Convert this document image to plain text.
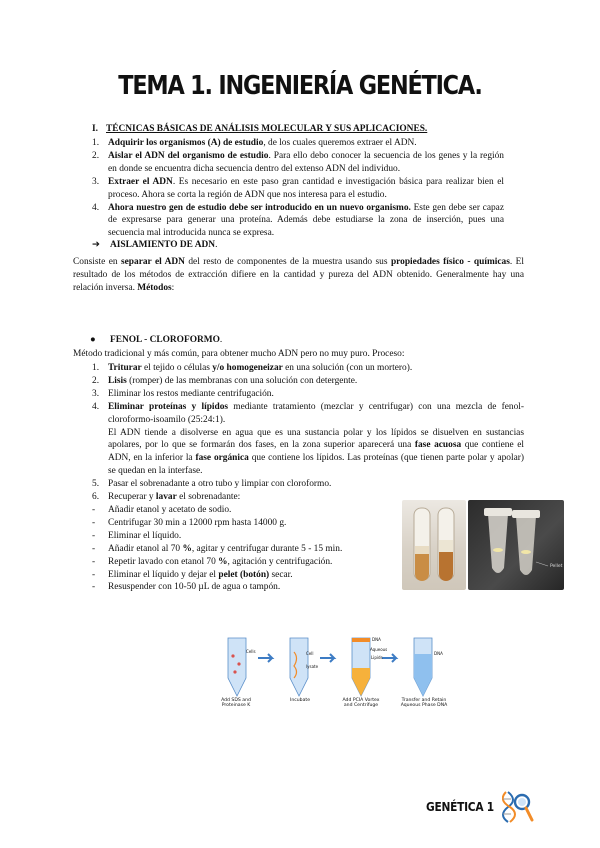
TEMA 1. INGENIERÍA GENÉTICA.
I. TÉCNICAS BÁSICAS DE ANÁLISIS MOLECULAR Y SUS APLICACIONES.
1. Adquirir los organismos (A) de estudio, de los cuales queremos extraer el ADN.
2. Aislar el ADN del organismo de estudio. Para ello debo conocer la secuencia de los genes y la región en donde se encuentra dicha secuencia dentro del extenso ADN del individuo.
3. Extraer el ADN. Es necesario en este paso gran cantidad e investigación básica para realizar bien el proceso. Ahora se corta la región de ADN que nos interesa para el estudio.
4. Ahora nuestro gen de estudio debe ser introducido en un nuevo organismo. Este gen debe ser capaz de expresarse para generar una proteína. Además debe estudiarse la zona de inserción, pues una secuencia mal introducida nunca se expresa.
➔ AISLAMIENTO DE ADN.
Consiste en separar el ADN del resto de componentes de la muestra usando sus propiedades físico - químicas. El resultado de los métodos de extracción difiere en la cantidad y pureza del ADN obtenido. Generalmente hay una relación inversa. Métodos:
● FENOL - CLOROFORMO.
Método tradicional y más común, para obtener mucho ADN pero no muy puro. Proceso:
1. Triturar el tejido o células y/o homogeneizar en una solución (con un mortero).
2. Lisis (romper) de las membranas con una solución con detergente.
3. Eliminar los restos mediante centrifugación.
4. Eliminar proteínas y lípidos mediante tratamiento (mezclar y centrifugar) con una mezcla de fenol-cloroformo-isoamilo (25:24:1).
El ADN tiende a disolverse en agua que es una sustancia polar y los lípidos se disuelven en sustancias apolares, por lo que se formarán dos fases, en la zona superior aparecerá una fase acuosa que contiene el ADN, en la inferior la fase orgánica que contiene los lípidos. Las proteínas (que tienen parte polar y apolar) se quedan en la interfase.
5. Pasar el sobrenadante a otro tubo y limpiar con cloroformo.
6. Recuperar y lavar el sobrenadante:
- Añadir etanol y acetato de sodio.
- Centrifugar 30 min a 12000 rpm hasta 14000 g.
- Eliminar el líquido.
- Añadir etanol al 70 %, agitar y centrifugar durante 5 - 15 min.
- Repetir lavado con etanol 70 %, agitación y centrifugación.
- Eliminar el líquido y dejar el pelet (botón) secar.
- Resuspender con 10-50 µL de agua o tampón.
Pellet
Cells	Cell lysate
DNA
Aqueous
Lipids
DNA
Add SDS and Proteinase K
Incubate	Add PCIA Vortex and Centrifuge
Transfer and Retain Aqueous Phase DNA
GENÉTICA 1
